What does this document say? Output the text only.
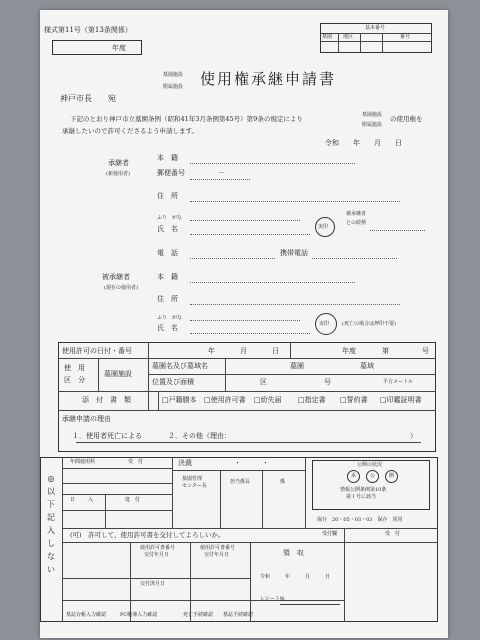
様式第11号（第13条関係）
年度
基本番号
墓園 地区	番号
墓園施設
附属施設 使用権承継申請書
神戸市長　　宛
下記のとおり神戸市立墓園条例（昭和41年3月条例第45号）第9条の規定により	墓園施設
附属施設
の使用権を
承継したいので許可くださるよう申請します。
令和　　年　　月　　日
承継者
(新使用者)
本　籍
郵便番号	－
住　所
ふり　がな
氏　名	実印
被承継者
との続柄
電　話	携帯電話
被承継者
(現在の使用者)
本　籍
住　所
ふり　がな
氏　名	実印	(死亡の場合は押印不要)
使用許可の日付・番号	年	月	日	年度	第	号
使　用
区　分
墓園施設
墓園名及び墓域名	墓園	墓域
位置及び面積	区	号	平方メートル
添　付　書　類	□戸籍謄本 □使用許可書 □紛失届 □指定書 □誓約書 □印鑑証明書
承継申請の理由
１．使用者死亡による	２．その他（理由：	）
◎以下記入しない
年間使用料	受　付	決裁	・	・
日	入	進　付
墓園管理
センター長
担当係長	係
公開の状況
承	公	開
情報公開条例第10条
第１号に該当
保存　20・05・03・03　保存　常用
受付欄	受　付
(可)　許可して、使用許可書を交付してよろしいか。
使用許可書番号
交付年月日
使用許可書番号
交付年月日
交付済月日
領　収
令和　　　年　　　月　　　日
レシート№
墓誌台帳入力確認	PC帳簿入力確認	死亡手続確認 墓誌手続確認
